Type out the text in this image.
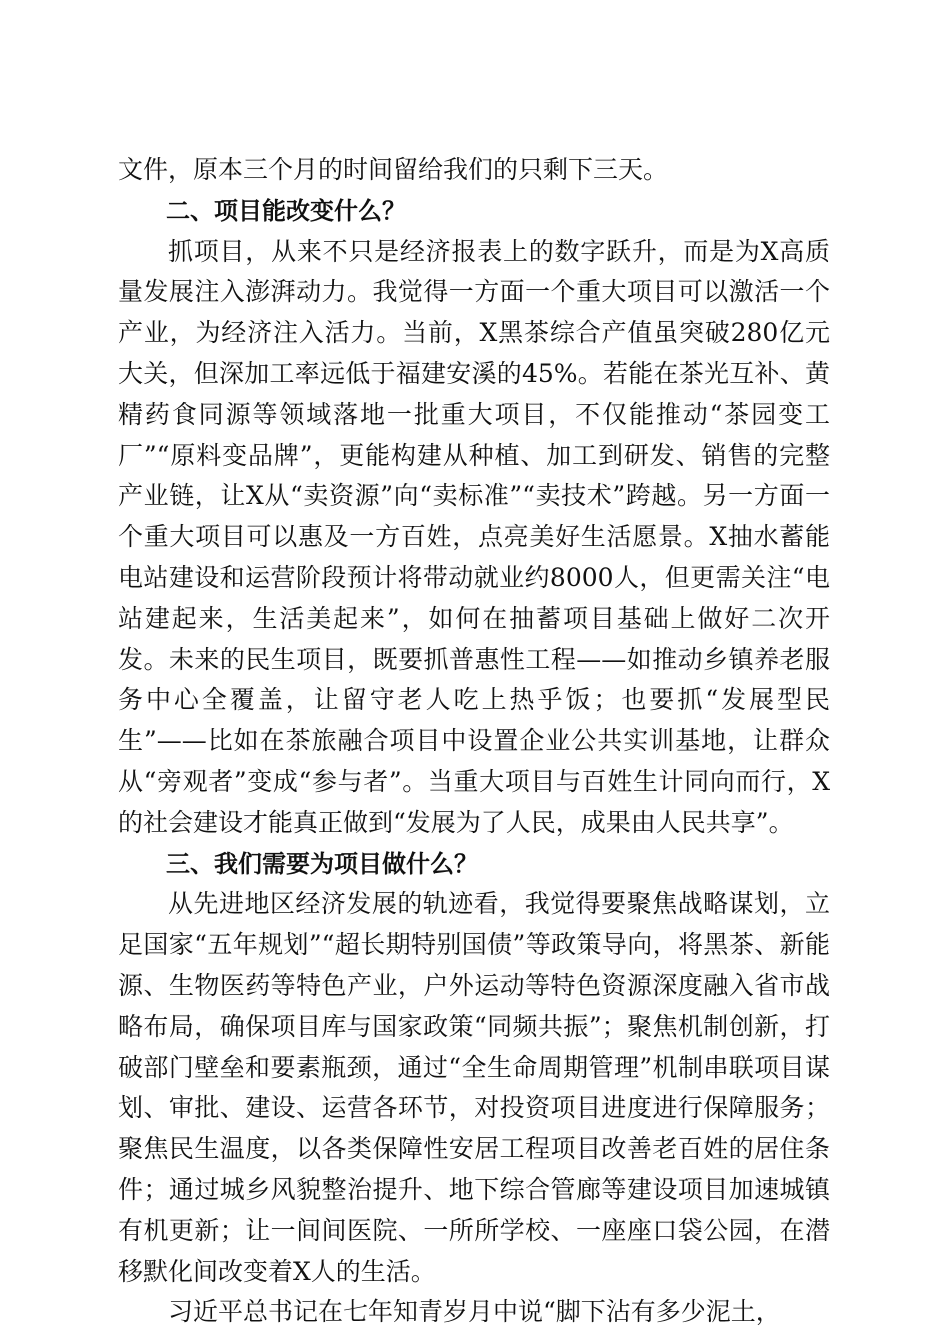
文件，原本三个月的时间留给我们的只剩下三天。

二、项目能改变什么？

抓项目，从来不只是经济报表上的数字跃升，而是为X高质量发展注入澎湃动力。我觉得一方面一个重大项目可以激活一个产业，为经济注入活力。当前，X黑茶综合产值虽突破280亿元大关，但深加工率远低于福建安溪的45%。若能在茶光互补、黄精药食同源等领域落地一批重大项目，不仅能推动“茶园变工厂”“原料变品牌”，更能构建从种植、加工到研发、销售的完整产业链，让X从“卖资源”向“卖标准”“卖技术”跨越。另一方面一个重大项目可以惠及一方百姓，点亮美好生活愿景。X抽水蓄能电站建设和运营阶段预计将带动就业约8000人，但更需关注“电站建起来，生活美起来”，如何在抽蓄项目基础上做好二次开发。未来的民生项目，既要抓普惠性工程——如推动乡镇养老服务中心全覆盖，让留守老人吃上热乎饭；也要抓“发展型民生”——比如在茶旅融合项目中设置企业公共实训基地，让群众从“旁观者”变成“参与者”。当重大项目与百姓生计同向而行，X的社会建设才能真正做到“发展为了人民，成果由人民共享”。

三、我们需要为项目做什么？

从先进地区经济发展的轨迹看，我觉得要聚焦战略谋划，立足国家“五年规划”“超长期特别国债”等政策导向，将黑茶、新能源、生物医药等特色产业，户外运动等特色资源深度融入省市战略布局，确保项目库与国家政策“同频共振”；聚焦机制创新，打破部门壁垒和要素瓶颈，通过“全生命周期管理”机制串联项目谋划、审批、建设、运营各环节，对投资项目进度进行保障服务；聚焦民生温度，以各类保障性安居工程项目改善老百姓的居住条件；通过城乡风貌整治提升、地下综合管廊等建设项目加速城镇有机更新；让一间间医院、一所所学校、一座座口袋公园，在潜移默化间改变着X人的生活。

习近平总书记在七年知青岁月中说“脚下沾有多少泥土，
